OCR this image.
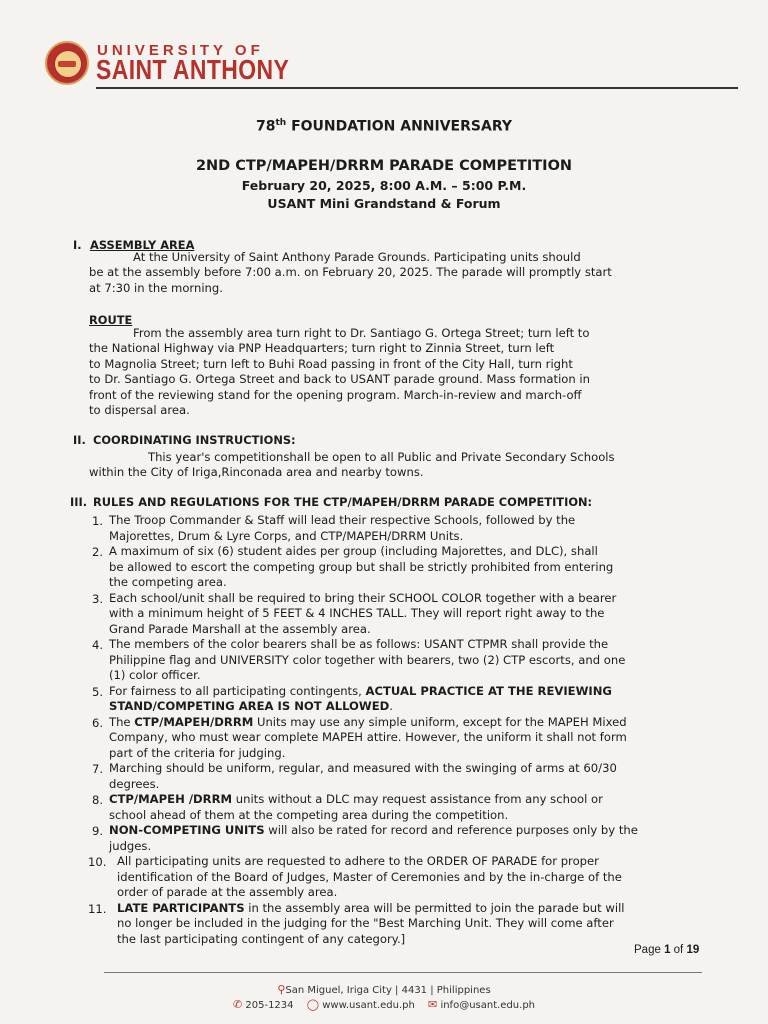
UNIVERSITY OF
SAINT ANTHONY
78th FOUNDATION ANNIVERSARY
2ND CTP/MAPEH/DRRM PARADE COMPETITION
February 20, 2025, 8:00 A.M. – 5:00 P.M.
USANT Mini Grandstand & Forum
I. ASSEMBLY AREA
At the University of Saint Anthony Parade Grounds. Participating units should
be at the assembly before 7:00 a.m. on February 20, 2025. The parade will promptly start
at 7:30 in the morning.
ROUTE
From the assembly area turn right to Dr. Santiago G. Ortega Street; turn left to
the National Highway via PNP Headquarters; turn right to Zinnia Street, turn left
to Magnolia Street; turn left to Buhi Road passing in front of the City Hall, turn right
to Dr. Santiago G. Ortega Street and back to USANT parade ground. Mass formation in
front of the reviewing stand for the opening program. March-in-review and march-off
to dispersal area.
II. COORDINATING INSTRUCTIONS:
This year's competitionshall be open to all Public and Private Secondary Schools
within the City of Iriga,Rinconada area and nearby towns.
III. RULES AND REGULATIONS FOR THE CTP/MAPEH/DRRM PARADE COMPETITION:
1. The Troop Commander & Staff will lead their respective Schools, followed by the
Majorettes, Drum & Lyre Corps, and CTP/MAPEH/DRRM Units.
2. A maximum of six (6) student aides per group (including Majorettes, and DLC), shall
be allowed to escort the competing group but shall be strictly prohibited from entering
the competing area.
3. Each school/unit shall be required to bring their SCHOOL COLOR together with a bearer
with a minimum height of 5 FEET & 4 INCHES TALL. They will report right away to the
Grand Parade Marshall at the assembly area.
4. The members of the color bearers shall be as follows: USANT CTPMR shall provide the
Philippine flag and UNIVERSITY color together with bearers, two (2) CTP escorts, and one
(1) color officer.
5. For fairness to all participating contingents, ACTUAL PRACTICE AT THE REVIEWING
STAND/COMPETING AREA IS NOT ALLOWED.
6. The CTP/MAPEH/DRRM Units may use any simple uniform, except for the MAPEH Mixed
Company, who must wear complete MAPEH attire. However, the uniform it shall not form
part of the criteria for judging.
7. Marching should be uniform, regular, and measured with the swinging of arms at 60/30
degrees.
8. CTP/MAPEH /DRRM units without a DLC may request assistance from any school or
school ahead of them at the competing area during the competition.
9. NON-COMPETING UNITS will also be rated for record and reference purposes only by the
judges.
10. All participating units are requested to adhere to the ORDER OF PARADE for proper
identification of the Board of Judges, Master of Ceremonies and by the in-charge of the
order of parade at the assembly area.
11. LATE PARTICIPANTS in the assembly area will be permitted to join the parade but will
no longer be included in the judging for the "Best Marching Unit. They will come after
the last participating contingent of any category.]
Page 1 of 19
⚲San Miguel, Iriga City | 4431 | Philippines
✆ 205-1234 ◯ www.usant.edu.ph ✉ info@usant.edu.ph
